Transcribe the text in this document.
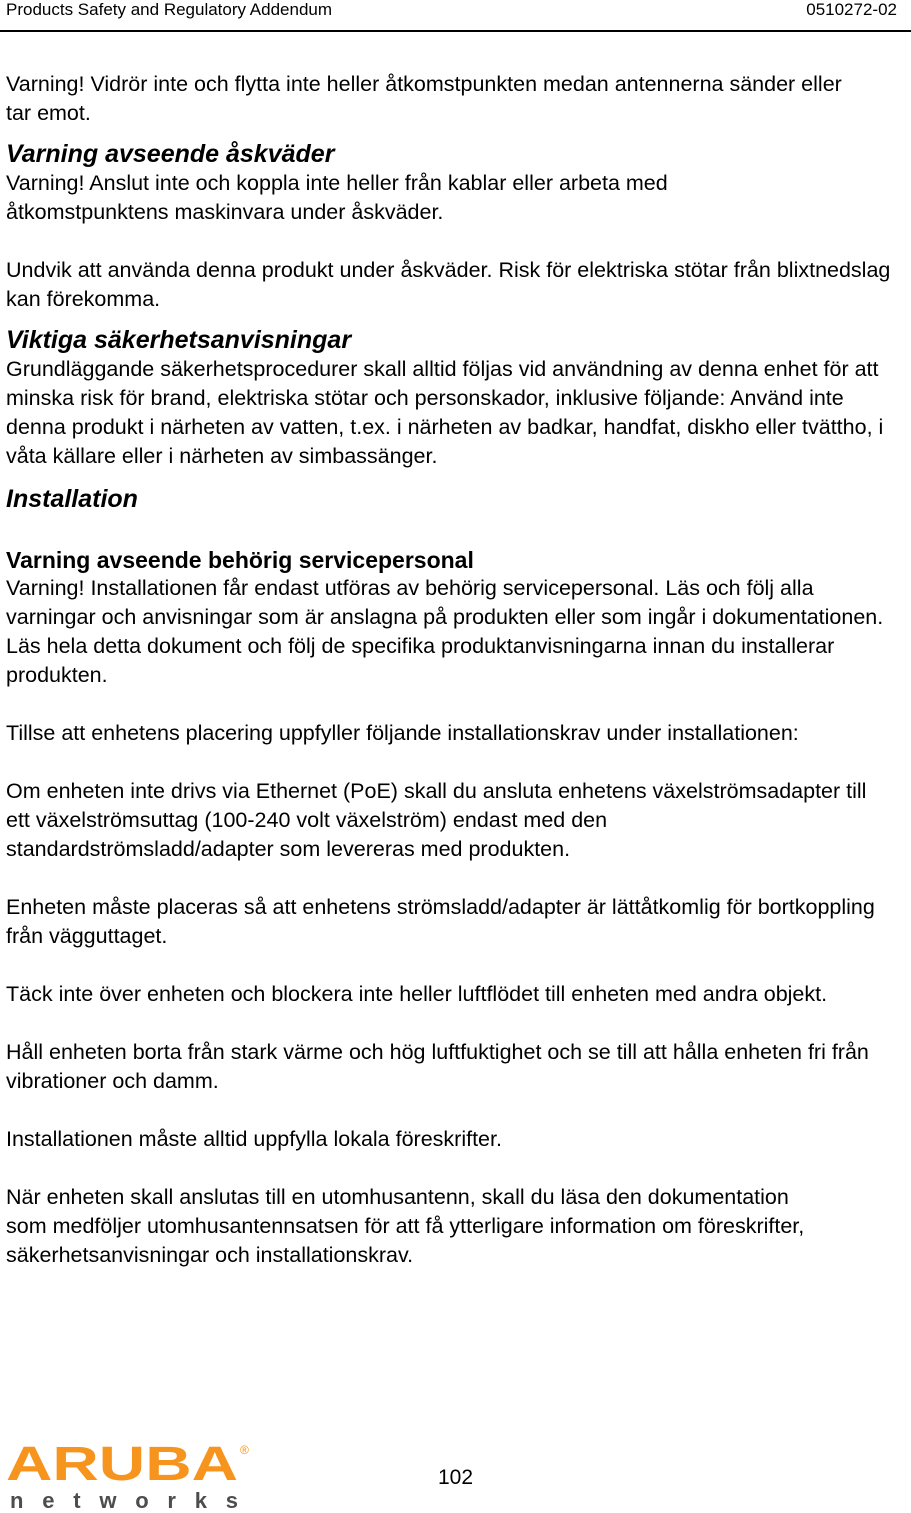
Products Safety and Regulatory Addendum	0510272-02

Varning! Vidrör inte och flytta inte heller åtkomstpunkten medan antennerna sänder eller tar emot.

Varning avseende åskväder

Varning! Anslut inte och koppla inte heller från kablar eller arbeta med åtkomstpunktens maskinvara under åskväder.

Undvik att använda denna produkt under åskväder. Risk för elektriska stötar från blixtnedslag kan förekomma.

Viktiga säkerhetsanvisningar

Grundläggande säkerhetsprocedurer skall alltid följas vid användning av denna enhet för att minska risk för brand, elektriska stötar och personskador, inklusive följande: Använd inte denna produkt i närheten av vatten, t.ex. i närheten av badkar, handfat, diskho eller tvättho, i våta källare eller i närheten av simbassänger.

Installation
Varning avseende behörig servicepersonal

Varning! Installationen får endast utföras av behörig servicepersonal. Läs och följ alla varningar och anvisningar som är anslagna på produkten eller som ingår i dokumentationen. Läs hela detta dokument och följ de specifika produktanvisningarna innan du installerar produkten.

Tillse att enhetens placering uppfyller följande installationskrav under installationen:

Om enheten inte drivs via Ethernet (PoE) skall du ansluta enhetens växelströmsadapter till ett växelströmsuttag (100-240 volt växelström) endast med den standardströmsladd/adapter som levereras med produkten.

Enheten måste placeras så att enhetens strömsladd/adapter är lättåtkomlig för bortkoppling från vägguttaget.

Täck inte över enheten och blockera inte heller luftflödet till enheten med andra objekt.

Håll enheten borta från stark värme och hög luftfuktighet och se till att hålla enheten fri från vibrationer och damm.

Installationen måste alltid uppfylla lokala föreskrifter.

När enheten skall anslutas till en utomhusantenn, skall du läsa den dokumentation som medföljer utomhusantennsatsen för att få ytterligare information om föreskrifter, säkerhetsanvisningar och installationskrav.

ARUBA ®
networks
102
